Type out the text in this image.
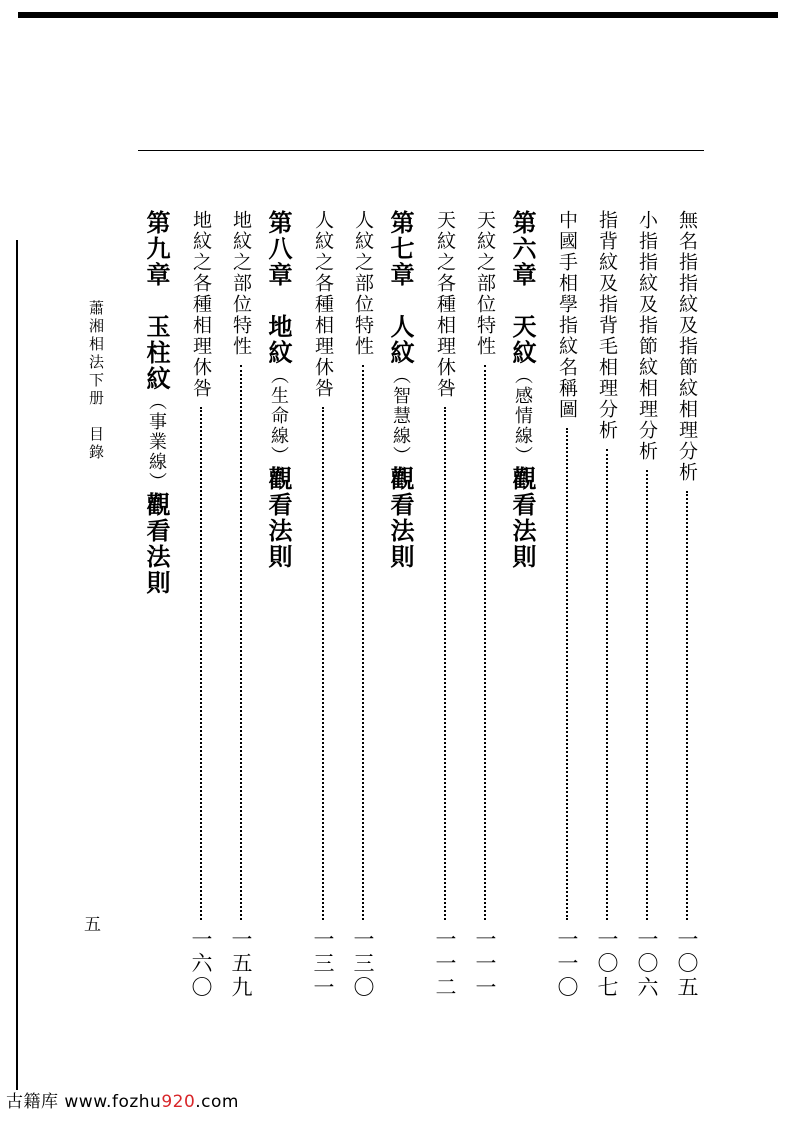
無名指指紋及指節紋相理分析
一〇五
小指指紋及指節紋相理分析
一〇六
指背紋及指背毛相理分析
一〇七
中國手相學指紋名稱圖
一一〇
第六章　天紋（感情線）觀看法則
天紋之部位特性
一一一
天紋之各種相理休咎
一一二
第七章　人紋（智慧線）觀看法則
人紋之部位特性
一三〇
人紋之各種相理休咎
一三一
第八章　地紋（生命線）觀看法則
地紋之部位特性
一五九
地紋之各種相理休咎
一六〇
第九章　玉柱紋（事業線）觀看法則
蕭湘相法下册　目錄
五
古籍库 www.fozhu920.com
